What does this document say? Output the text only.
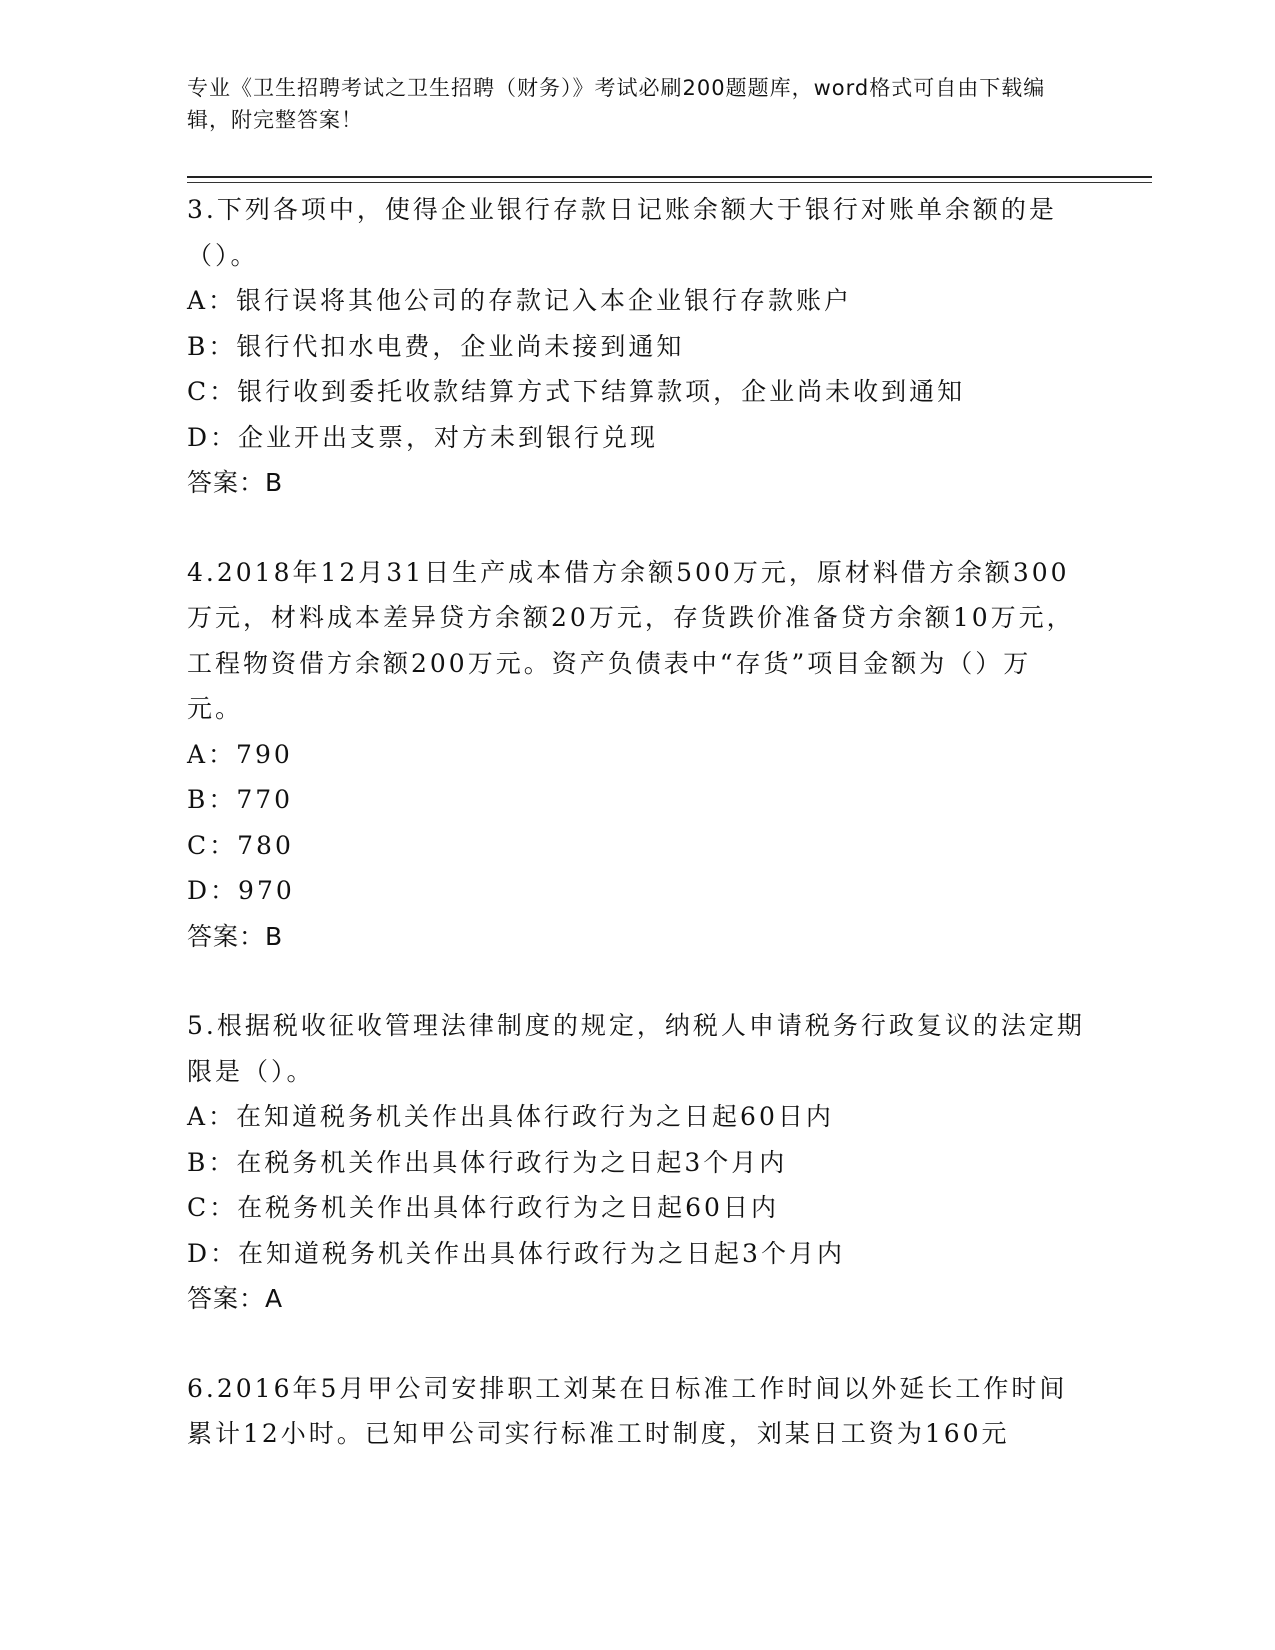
专业《卫生招聘考试之卫生招聘（财务）》考试必刷200题题库，word格式可自由下载编辑，附完整答案！
3.下列各项中，使得企业银行存款日记账余额大于银行对账单余额的是（）。
A：银行误将其他公司的存款记入本企业银行存款账户
B：银行代扣水电费，企业尚未接到通知
C：银行收到委托收款结算方式下结算款项，企业尚未收到通知
D：企业开出支票，对方未到银行兑现
答案：B
4.2018年12月31日生产成本借方余额500万元，原材料借方余额300万元，材料成本差异贷方余额20万元，存货跌价准备贷方余额10万元，工程物资借方余额200万元。资产负债表中“存货”项目金额为（）万元。
A：790
B：770
C：780
D：970
答案：B
5.根据税收征收管理法律制度的规定，纳税人申请税务行政复议的法定期限是（）。
A：在知道税务机关作出具体行政行为之日起60日内
B：在税务机关作出具体行政行为之日起3个月内
C：在税务机关作出具体行政行为之日起60日内
D：在知道税务机关作出具体行政行为之日起3个月内
答案：A
6.2016年5月甲公司安排职工刘某在日标准工作时间以外延长工作时间累计12小时。已知甲公司实行标准工时制度，刘某日工资为160元
